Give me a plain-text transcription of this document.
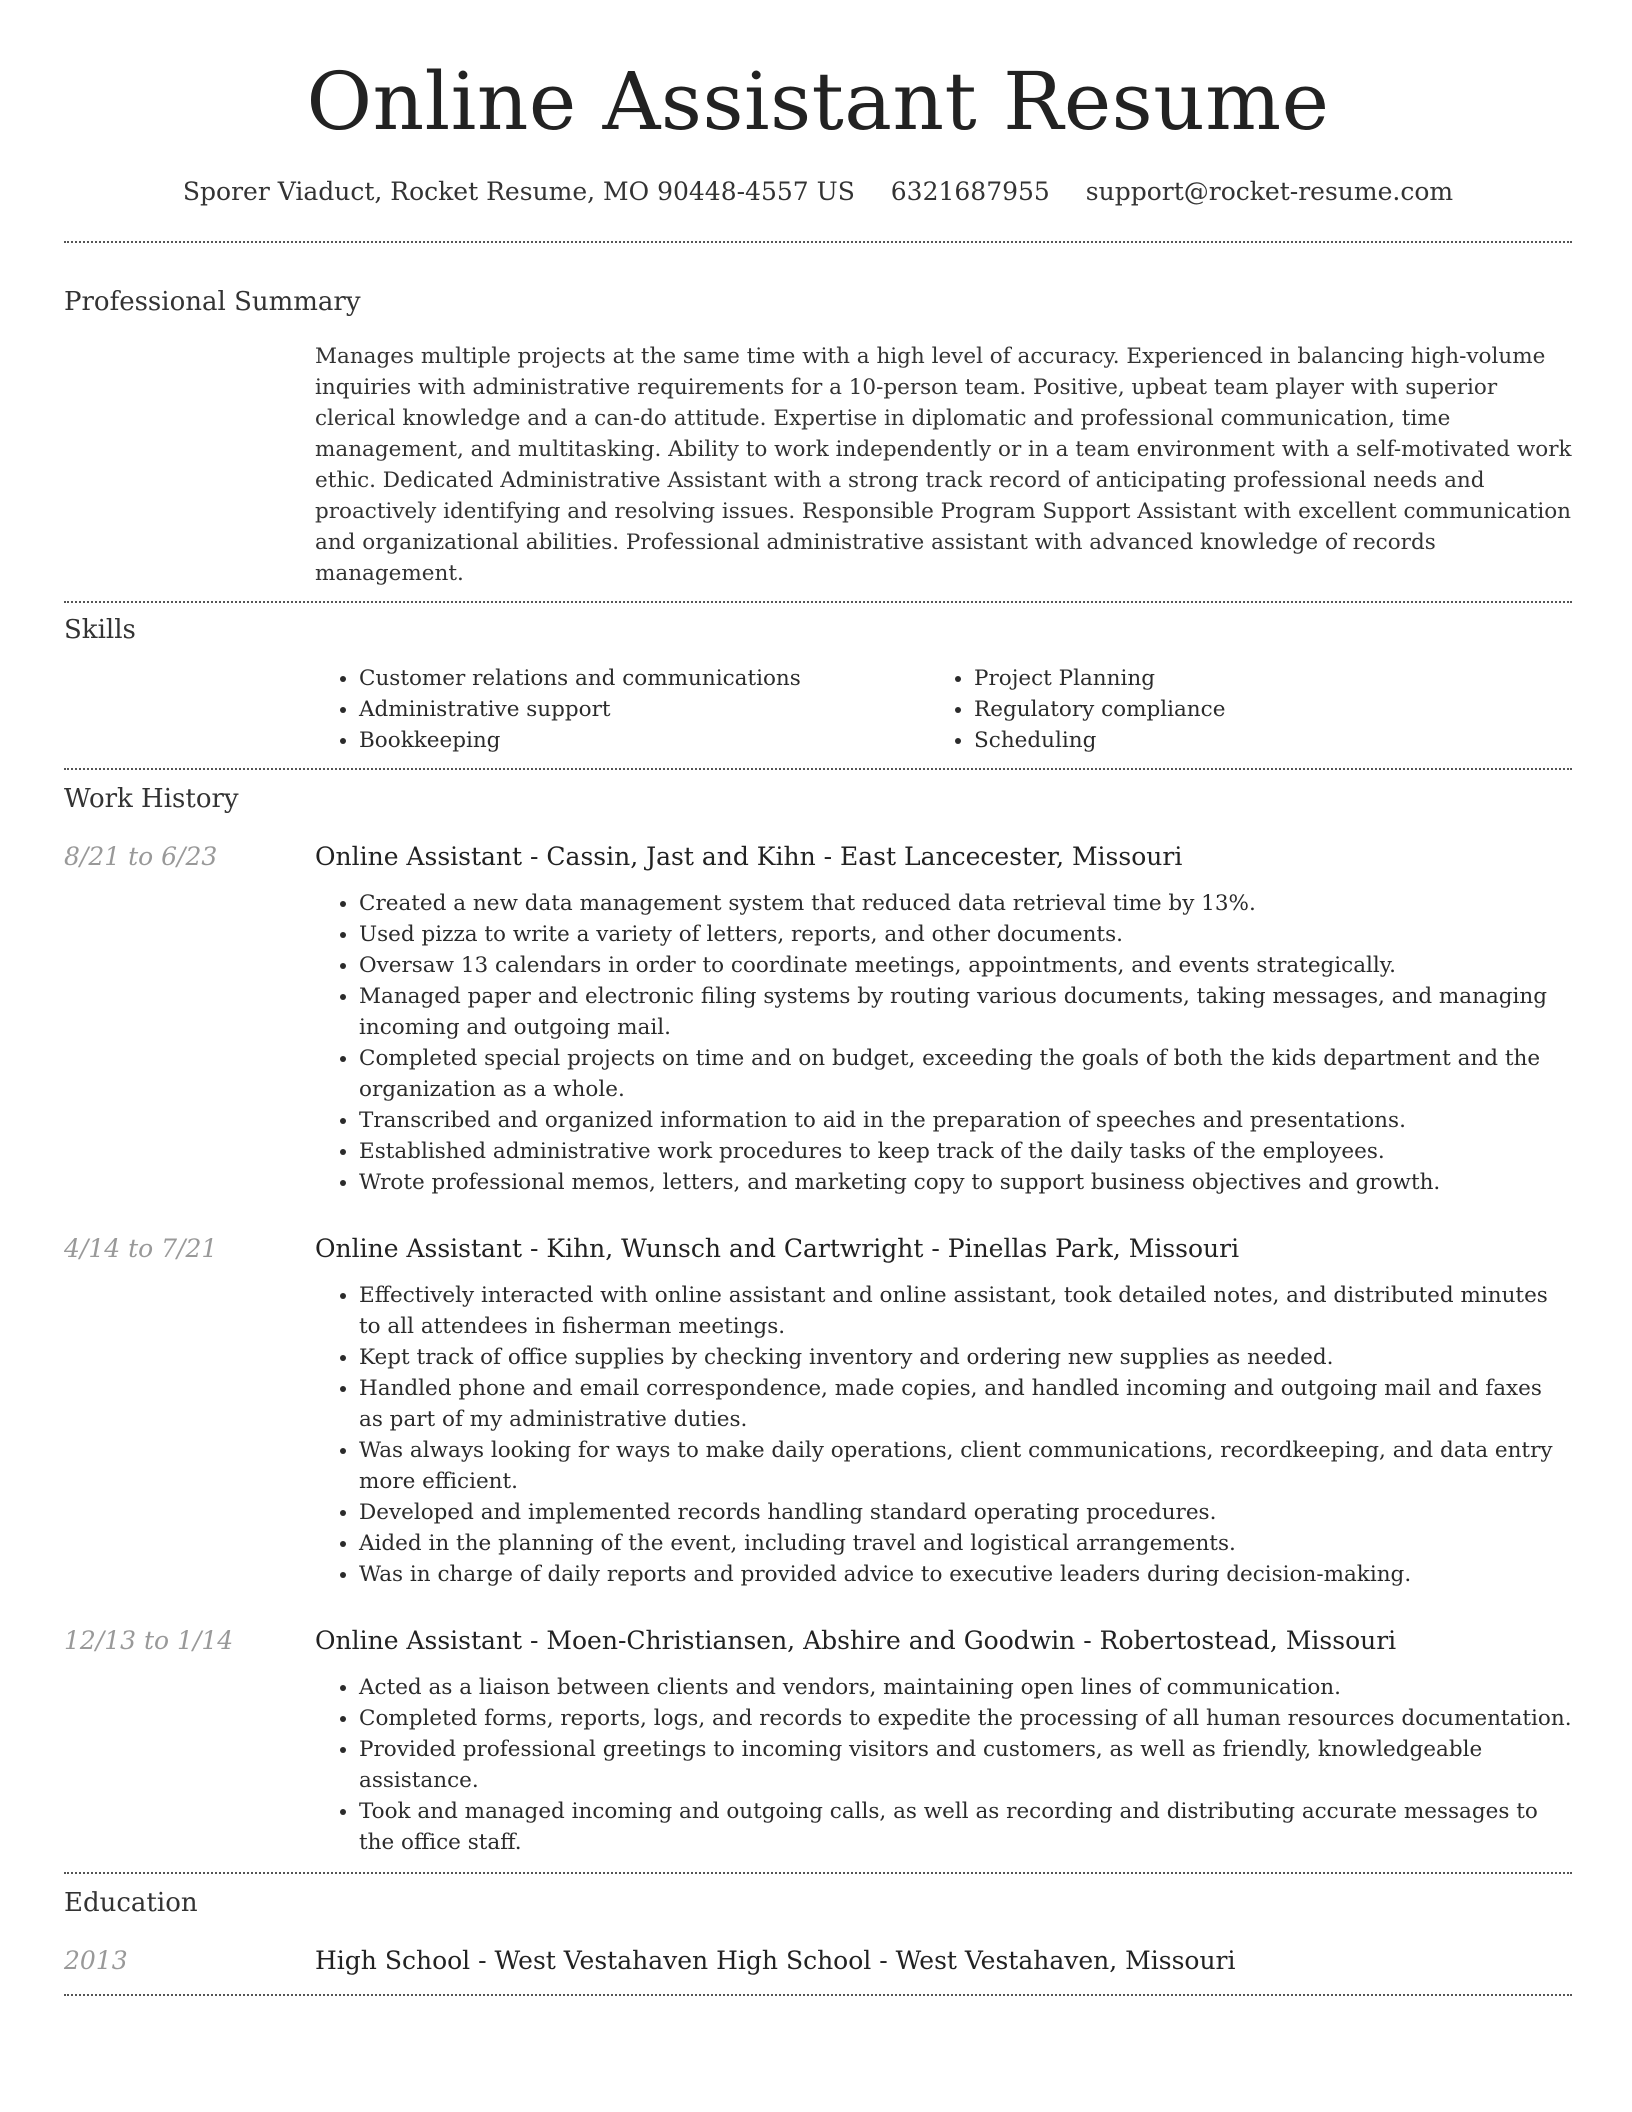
Online Assistant Resume
Sporer Viaduct, Rocket Resume, MO 90448-4557 US 6321687955 support@rocket-resume.com
Professional Summary
Manages multiple projects at the same time with a high level of accuracy. Experienced in balancing high-volume inquiries with administrative requirements for a 10-person team. Positive, upbeat team player with superior clerical knowledge and a can-do attitude. Expertise in diplomatic and professional communication, time management, and multitasking. Ability to work independently or in a team environment with a self-motivated work ethic. Dedicated Administrative Assistant with a strong track record of anticipating professional needs and proactively identifying and resolving issues. Responsible Program Support Assistant with excellent communication and organizational abilities. Professional administrative assistant with advanced knowledge of records management.
Skills
• Customer relations and communications
• Administrative support
• Bookkeeping
• Project Planning
• Regulatory compliance
• Scheduling
Work History
8/21 to 6/23	Online Assistant - Cassin, Jast and Kihn - East Lancecester, Missouri
• Created a new data management system that reduced data retrieval time by 13%.
• Used pizza to write a variety of letters, reports, and other documents.
• Oversaw 13 calendars in order to coordinate meetings, appointments, and events strategically.
• Managed paper and electronic filing systems by routing various documents, taking messages, and managing incoming and outgoing mail.
• Completed special projects on time and on budget, exceeding the goals of both the kids department and the organization as a whole.
• Transcribed and organized information to aid in the preparation of speeches and presentations.
• Established administrative work procedures to keep track of the daily tasks of the employees.
• Wrote professional memos, letters, and marketing copy to support business objectives and growth.
4/14 to 7/21	Online Assistant - Kihn, Wunsch and Cartwright - Pinellas Park, Missouri
• Effectively interacted with online assistant and online assistant, took detailed notes, and distributed minutes to all attendees in fisherman meetings.
• Kept track of office supplies by checking inventory and ordering new supplies as needed.
• Handled phone and email correspondence, made copies, and handled incoming and outgoing mail and faxes as part of my administrative duties.
• Was always looking for ways to make daily operations, client communications, recordkeeping, and data entry more efficient.
• Developed and implemented records handling standard operating procedures.
• Aided in the planning of the event, including travel and logistical arrangements.
• Was in charge of daily reports and provided advice to executive leaders during decision-making.
12/13 to 1/14	Online Assistant - Moen-Christiansen, Abshire and Goodwin - Robertostead, Missouri
• Acted as a liaison between clients and vendors, maintaining open lines of communication.
• Completed forms, reports, logs, and records to expedite the processing of all human resources documentation.
• Provided professional greetings to incoming visitors and customers, as well as friendly, knowledgeable assistance.
• Took and managed incoming and outgoing calls, as well as recording and distributing accurate messages to the office staff.
Education
2013	High School - West Vestahaven High School - West Vestahaven, Missouri
